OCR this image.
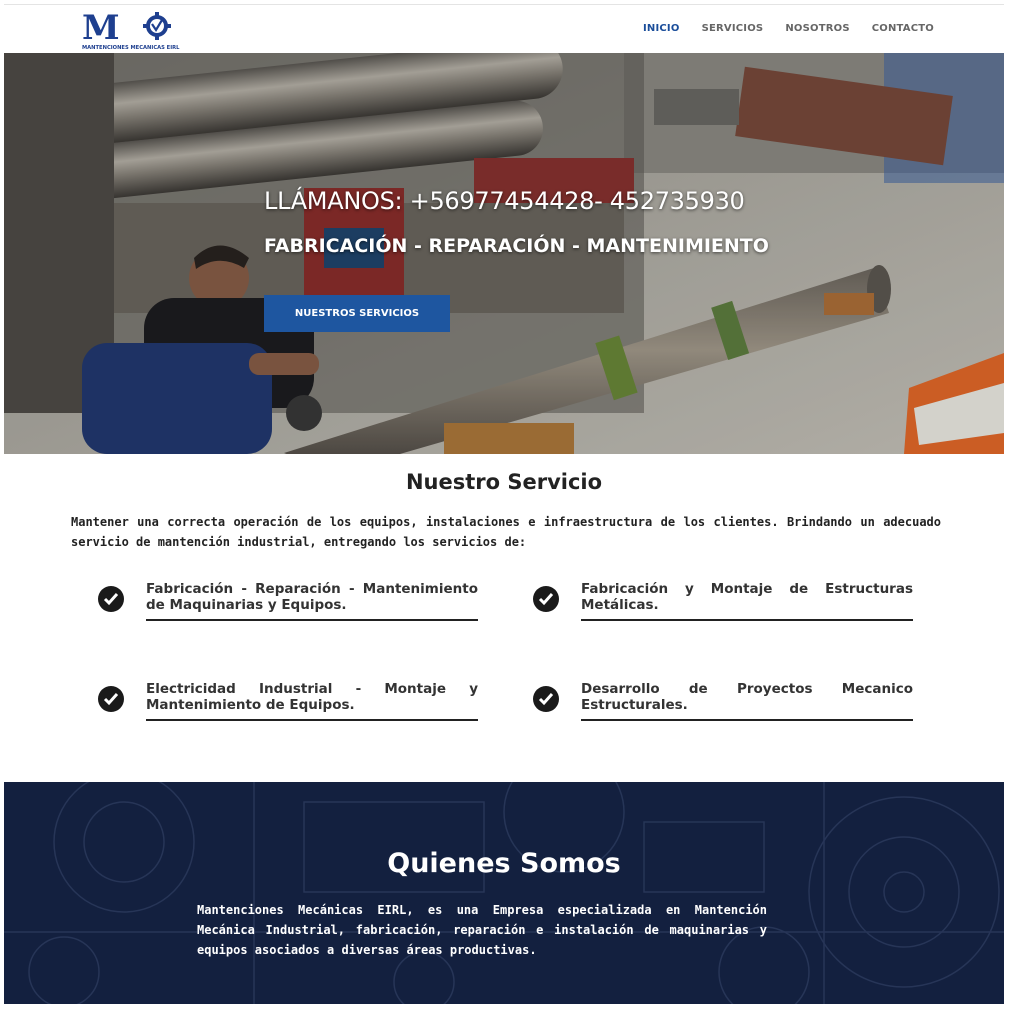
M
MANTENCIONES MECANICAS EIRL
INICIO SERVICIOS NOSOTROS CONTACTO
LLÁMANOS: +56977454428- 452735930
FABRICACIÓN - REPARACIÓN - MANTENIMIENTO
NUESTROS SERVICIOS
Nuestro Servicio
Mantener una correcta operación de los equipos, instalaciones e infraestructura de los clientes. Brindando un adecuado servicio de mantención industrial, entregando los servicios de:
Fabricación - Reparación - Mantenimiento de Maquinarias y Equipos.
Fabricación y Montaje de Estructuras Metálicas.
Electricidad Industrial - Montaje y Mantenimiento de Equipos.
Desarrollo de Proyectos Mecanico Estructurales.
Quienes Somos
Mantenciones Mecánicas EIRL, es una Empresa especializada en Mantención Mecánica Industrial, fabricación, reparación e instalación de maquinarias y equipos asociados a diversas áreas productivas.
